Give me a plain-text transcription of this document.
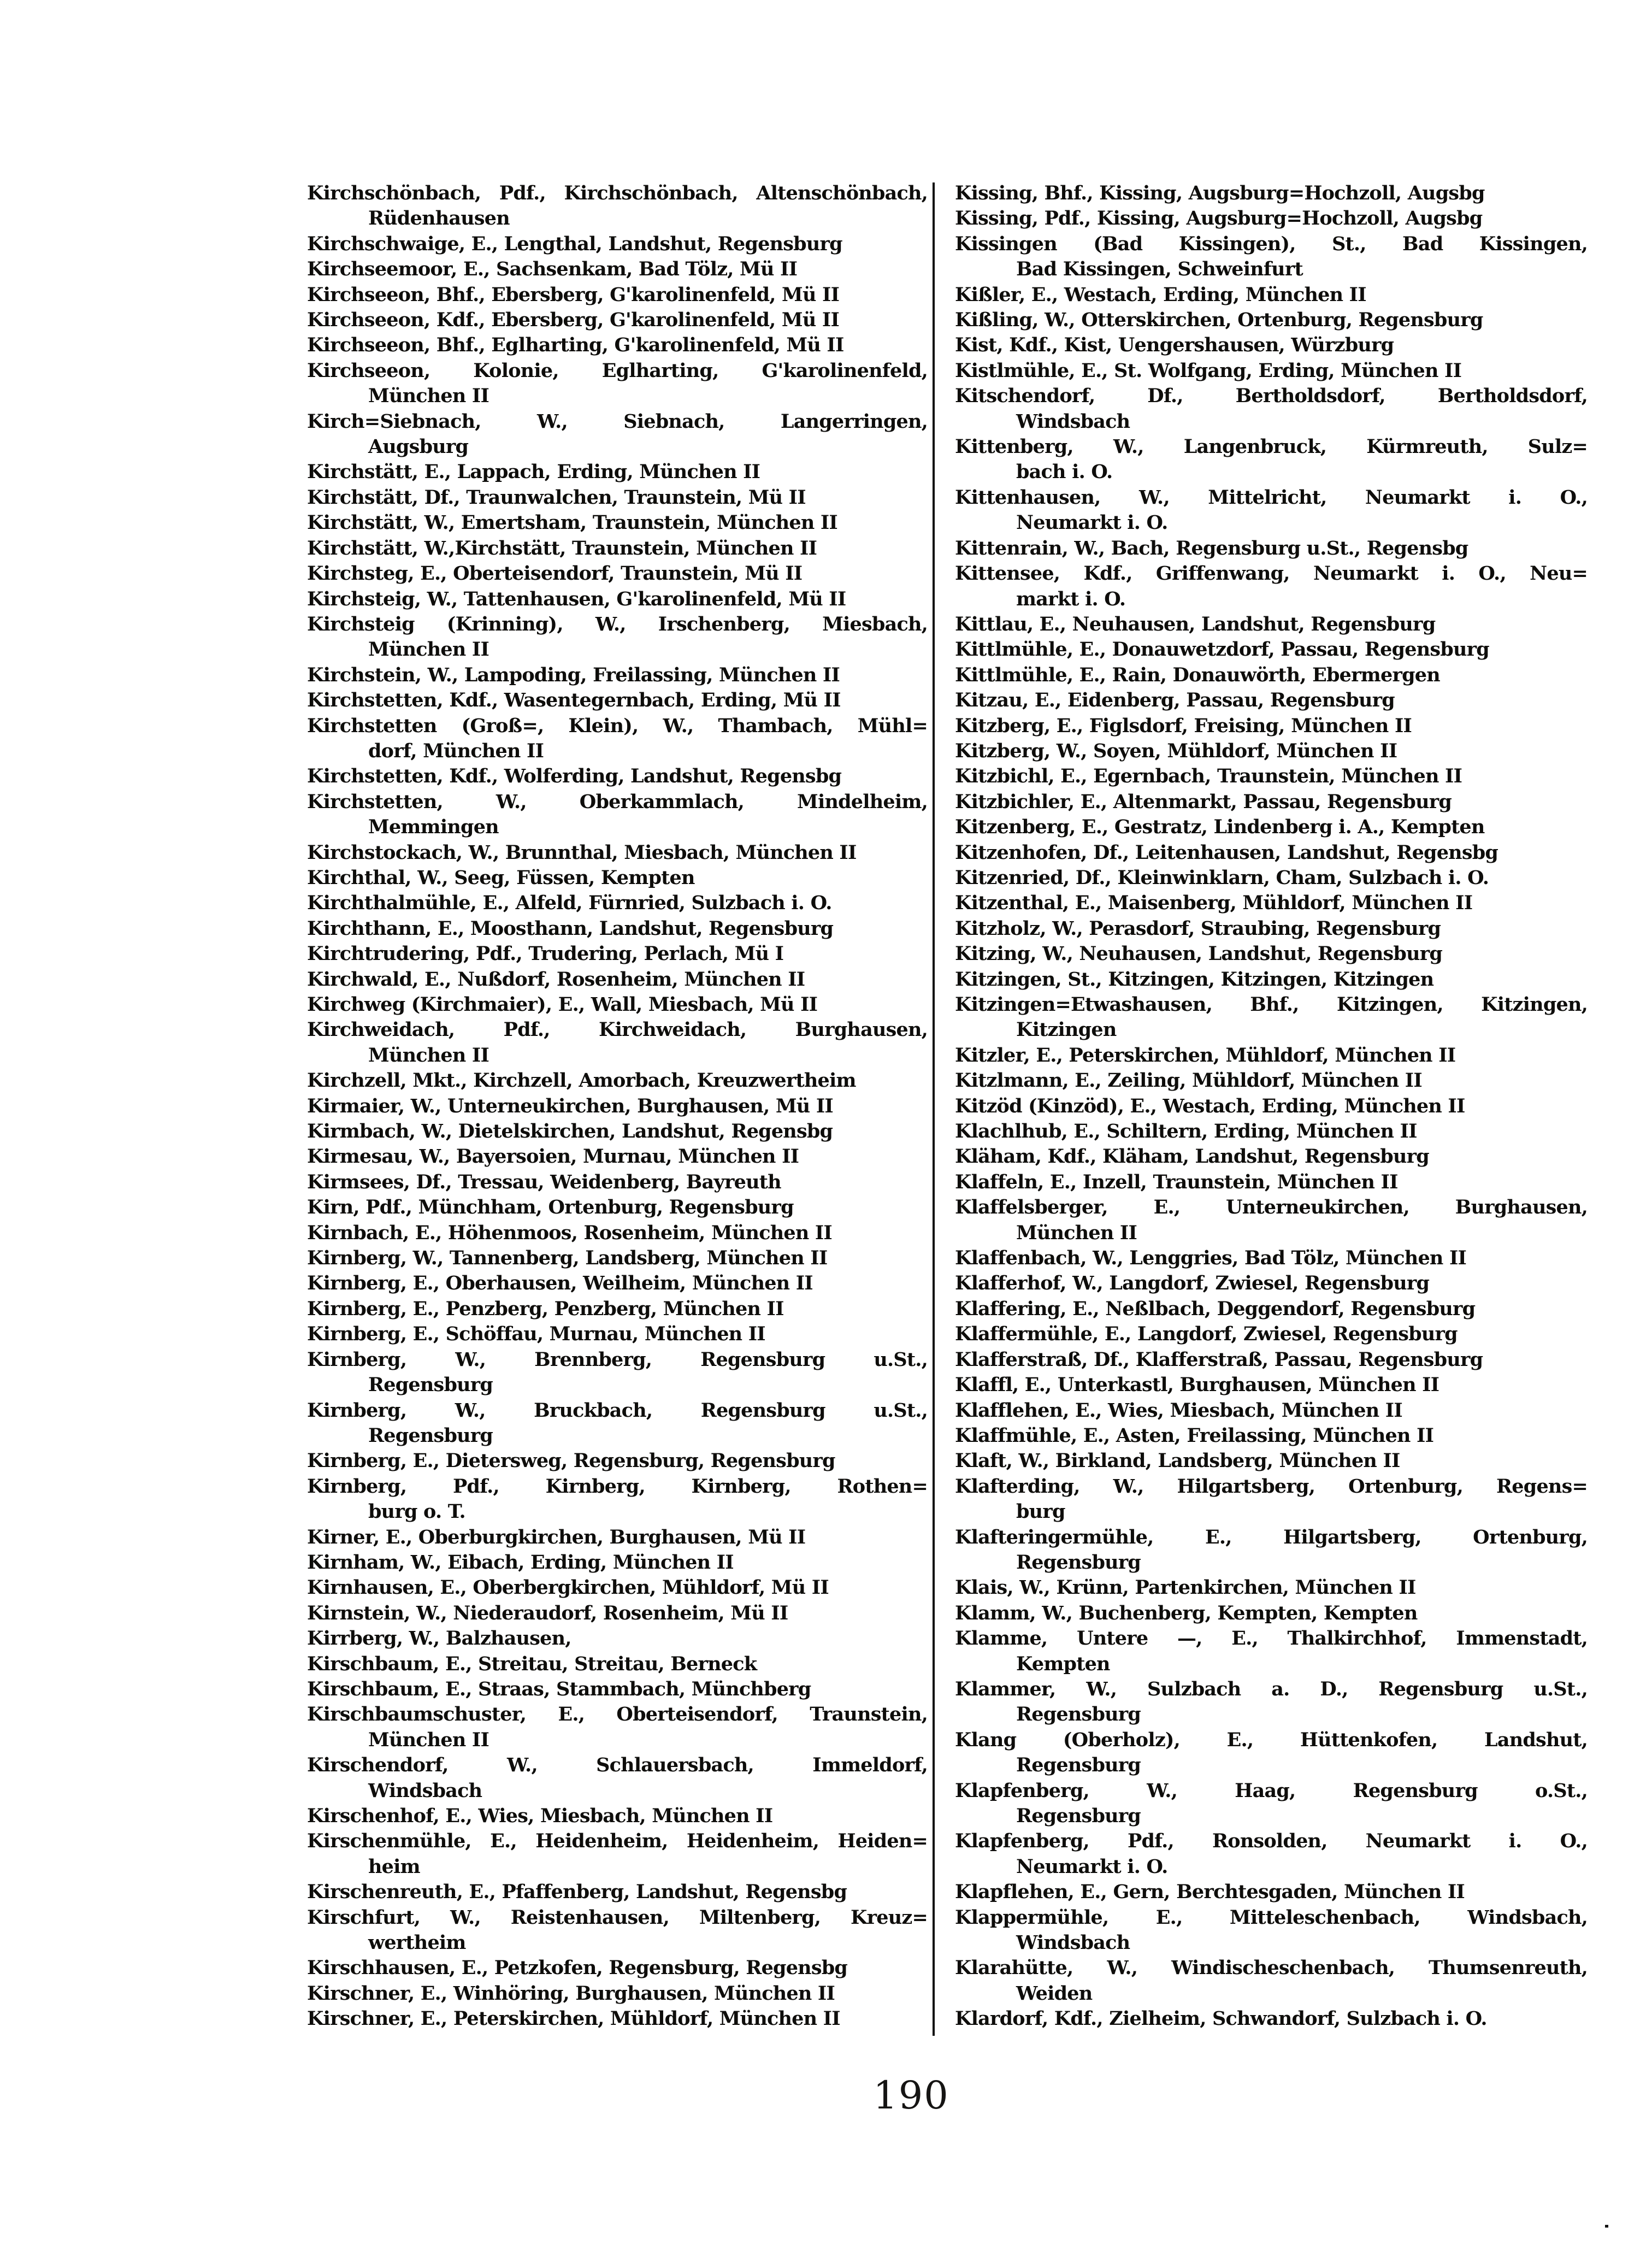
Kirchschönbach, Pdf., Kirchschönbach, Altenschönbach,
Rüdenhausen
Kirchschwaige, E., Lengthal, Landshut, Regensburg
Kirchseemoor, E., Sachsenkam, Bad Tölz, Mü II
Kirchseeon, Bhf., Ebersberg, G'karolinenfeld, Mü II
Kirchseeon, Kdf., Ebersberg, G'karolinenfeld, Mü II
Kirchseeon, Bhf., Eglharting, G'karolinenfeld, Mü II
Kirchseeon, Kolonie, Eglharting, G'karolinenfeld,
München II
Kirch=Siebnach, W., Siebnach, Langerringen,
Augsburg
Kirchstätt, E., Lappach, Erding, München II
Kirchstätt, Df., Traunwalchen, Traunstein, Mü II
Kirchstätt, W., Emertsham, Traunstein, München II
Kirchstätt, W.,Kirchstätt, Traunstein, München II
Kirchsteg, E., Oberteisendorf, Traunstein, Mü II
Kirchsteig, W., Tattenhausen, G'karolinenfeld, Mü II
Kirchsteig (Krinning), W., Irschenberg, Miesbach,
München II
Kirchstein, W., Lampoding, Freilassing, München II
Kirchstetten, Kdf., Wasentegernbach, Erding, Mü II
Kirchstetten (Groß=, Klein), W., Thambach, Mühl=
dorf, München II
Kirchstetten, Kdf., Wolferding, Landshut, Regensbg
Kirchstetten, W., Oberkammlach, Mindelheim,
Memmingen
Kirchstockach, W., Brunnthal, Miesbach, München II
Kirchthal, W., Seeg, Füssen, Kempten
Kirchthalmühle, E., Alfeld, Fürnried, Sulzbach i. O.
Kirchthann, E., Moosthann, Landshut, Regensburg
Kirchtrudering, Pdf., Trudering, Perlach, Mü I
Kirchwald, E., Nußdorf, Rosenheim, München II
Kirchweg (Kirchmaier), E., Wall, Miesbach, Mü II
Kirchweidach, Pdf., Kirchweidach, Burghausen,
München II
Kirchzell, Mkt., Kirchzell, Amorbach, Kreuzwertheim
Kirmaier, W., Unterneukirchen, Burghausen, Mü II
Kirmbach, W., Dietelskirchen, Landshut, Regensbg
Kirmesau, W., Bayersoien, Murnau, München II
Kirmsees, Df., Tressau, Weidenberg, Bayreuth
Kirn, Pdf., Münchham, Ortenburg, Regensburg
Kirnbach, E., Höhenmoos, Rosenheim, München II
Kirnberg, W., Tannenberg, Landsberg, München II
Kirnberg, E., Oberhausen, Weilheim, München II
Kirnberg, E., Penzberg, Penzberg, München II
Kirnberg, E., Schöffau, Murnau, München II
Kirnberg, W., Brennberg, Regensburg u.St.,
Regensburg
Kirnberg, W., Bruckbach, Regensburg u.St.,
Regensburg
Kirnberg, E., Dietersweg, Regensburg, Regensburg
Kirnberg, Pdf., Kirnberg, Kirnberg, Rothen=
burg o. T.
Kirner, E., Oberburgkirchen, Burghausen, Mü II
Kirnham, W., Eibach, Erding, München II
Kirnhausen, E., Oberbergkirchen, Mühldorf, Mü II
Kirnstein, W., Niederaudorf, Rosenheim, Mü II
Kirrberg, W., Balzhausen,
Kirschbaum, E., Streitau, Streitau, Berneck
Kirschbaum, E., Straas, Stammbach, Münchberg
Kirschbaumschuster, E., Oberteisendorf, Traunstein,
München II
Kirschendorf, W., Schlauersbach, Immeldorf,
Windsbach
Kirschenhof, E., Wies, Miesbach, München II
Kirschenmühle, E., Heidenheim, Heidenheim, Heiden=
heim
Kirschenreuth, E., Pfaffenberg, Landshut, Regensbg
Kirschfurt, W., Reistenhausen, Miltenberg, Kreuz=
wertheim
Kirschhausen, E., Petzkofen, Regensburg, Regensbg
Kirschner, E., Winhöring, Burghausen, München II
Kirschner, E., Peterskirchen, Mühldorf, München II
Kissing, Bhf., Kissing, Augsburg=Hochzoll, Augsbg
Kissing, Pdf., Kissing, Augsburg=Hochzoll, Augsbg
Kissingen (Bad Kissingen), St., Bad Kissingen,
Bad Kissingen, Schweinfurt
Kißler, E., Westach, Erding, München II
Kißling, W., Otterskirchen, Ortenburg, Regensburg
Kist, Kdf., Kist, Uengershausen, Würzburg
Kistlmühle, E., St. Wolfgang, Erding, München II
Kitschendorf, Df., Bertholdsdorf, Bertholdsdorf,
Windsbach
Kittenberg, W., Langenbruck, Kürmreuth, Sulz=
bach i. O.
Kittenhausen, W., Mittelricht, Neumarkt i. O.,
Neumarkt i. O.
Kittenrain, W., Bach, Regensburg u.St., Regensbg
Kittensee, Kdf., Griffenwang, Neumarkt i. O., Neu=
markt i. O.
Kittlau, E., Neuhausen, Landshut, Regensburg
Kittlmühle, E., Donauwetzdorf, Passau, Regensburg
Kittlmühle, E., Rain, Donauwörth, Ebermergen
Kitzau, E., Eidenberg, Passau, Regensburg
Kitzberg, E., Figlsdorf, Freising, München II
Kitzberg, W., Soyen, Mühldorf, München II
Kitzbichl, E., Egernbach, Traunstein, München II
Kitzbichler, E., Altenmarkt, Passau, Regensburg
Kitzenberg, E., Gestratz, Lindenberg i. A., Kempten
Kitzenhofen, Df., Leitenhausen, Landshut, Regensbg
Kitzenried, Df., Kleinwinklarn, Cham, Sulzbach i. O.
Kitzenthal, E., Maisenberg, Mühldorf, München II
Kitzholz, W., Perasdorf, Straubing, Regensburg
Kitzing, W., Neuhausen, Landshut, Regensburg
Kitzingen, St., Kitzingen, Kitzingen, Kitzingen
Kitzingen=Etwashausen, Bhf., Kitzingen, Kitzingen,
Kitzingen
Kitzler, E., Peterskirchen, Mühldorf, München II
Kitzlmann, E., Zeiling, Mühldorf, München II
Kitzöd (Kinzöd), E., Westach, Erding, München II
Klachlhub, E., Schiltern, Erding, München II
Kläham, Kdf., Kläham, Landshut, Regensburg
Klaffeln, E., Inzell, Traunstein, München II
Klaffelsberger, E., Unterneukirchen, Burghausen,
München II
Klaffenbach, W., Lenggries, Bad Tölz, München II
Klafferhof, W., Langdorf, Zwiesel, Regensburg
Klaffering, E., Neßlbach, Deggendorf, Regensburg
Klaffermühle, E., Langdorf, Zwiesel, Regensburg
Klafferstraß, Df., Klafferstraß, Passau, Regensburg
Klaffl, E., Unterkastl, Burghausen, München II
Klafflehen, E., Wies, Miesbach, München II
Klaffmühle, E., Asten, Freilassing, München II
Klaft, W., Birkland, Landsberg, München II
Klafterding, W., Hilgartsberg, Ortenburg, Regens=
burg
Klafteringermühle, E., Hilgartsberg, Ortenburg,
Regensburg
Klais, W., Krünn, Partenkirchen, München II
Klamm, W., Buchenberg, Kempten, Kempten
Klamme, Untere —, E., Thalkirchhof, Immenstadt,
Kempten
Klammer, W., Sulzbach a. D., Regensburg u.St.,
Regensburg
Klang (Oberholz), E., Hüttenkofen, Landshut,
Regensburg
Klapfenberg, W., Haag, Regensburg o.St.,
Regensburg
Klapfenberg, Pdf., Ronsolden, Neumarkt i. O.,
Neumarkt i. O.
Klapflehen, E., Gern, Berchtesgaden, München II
Klappermühle, E., Mitteleschenbach, Windsbach,
Windsbach
Klarahütte, W., Windischeschenbach, Thumsenreuth,
Weiden
Klardorf, Kdf., Zielheim, Schwandorf, Sulzbach i. O.
190
